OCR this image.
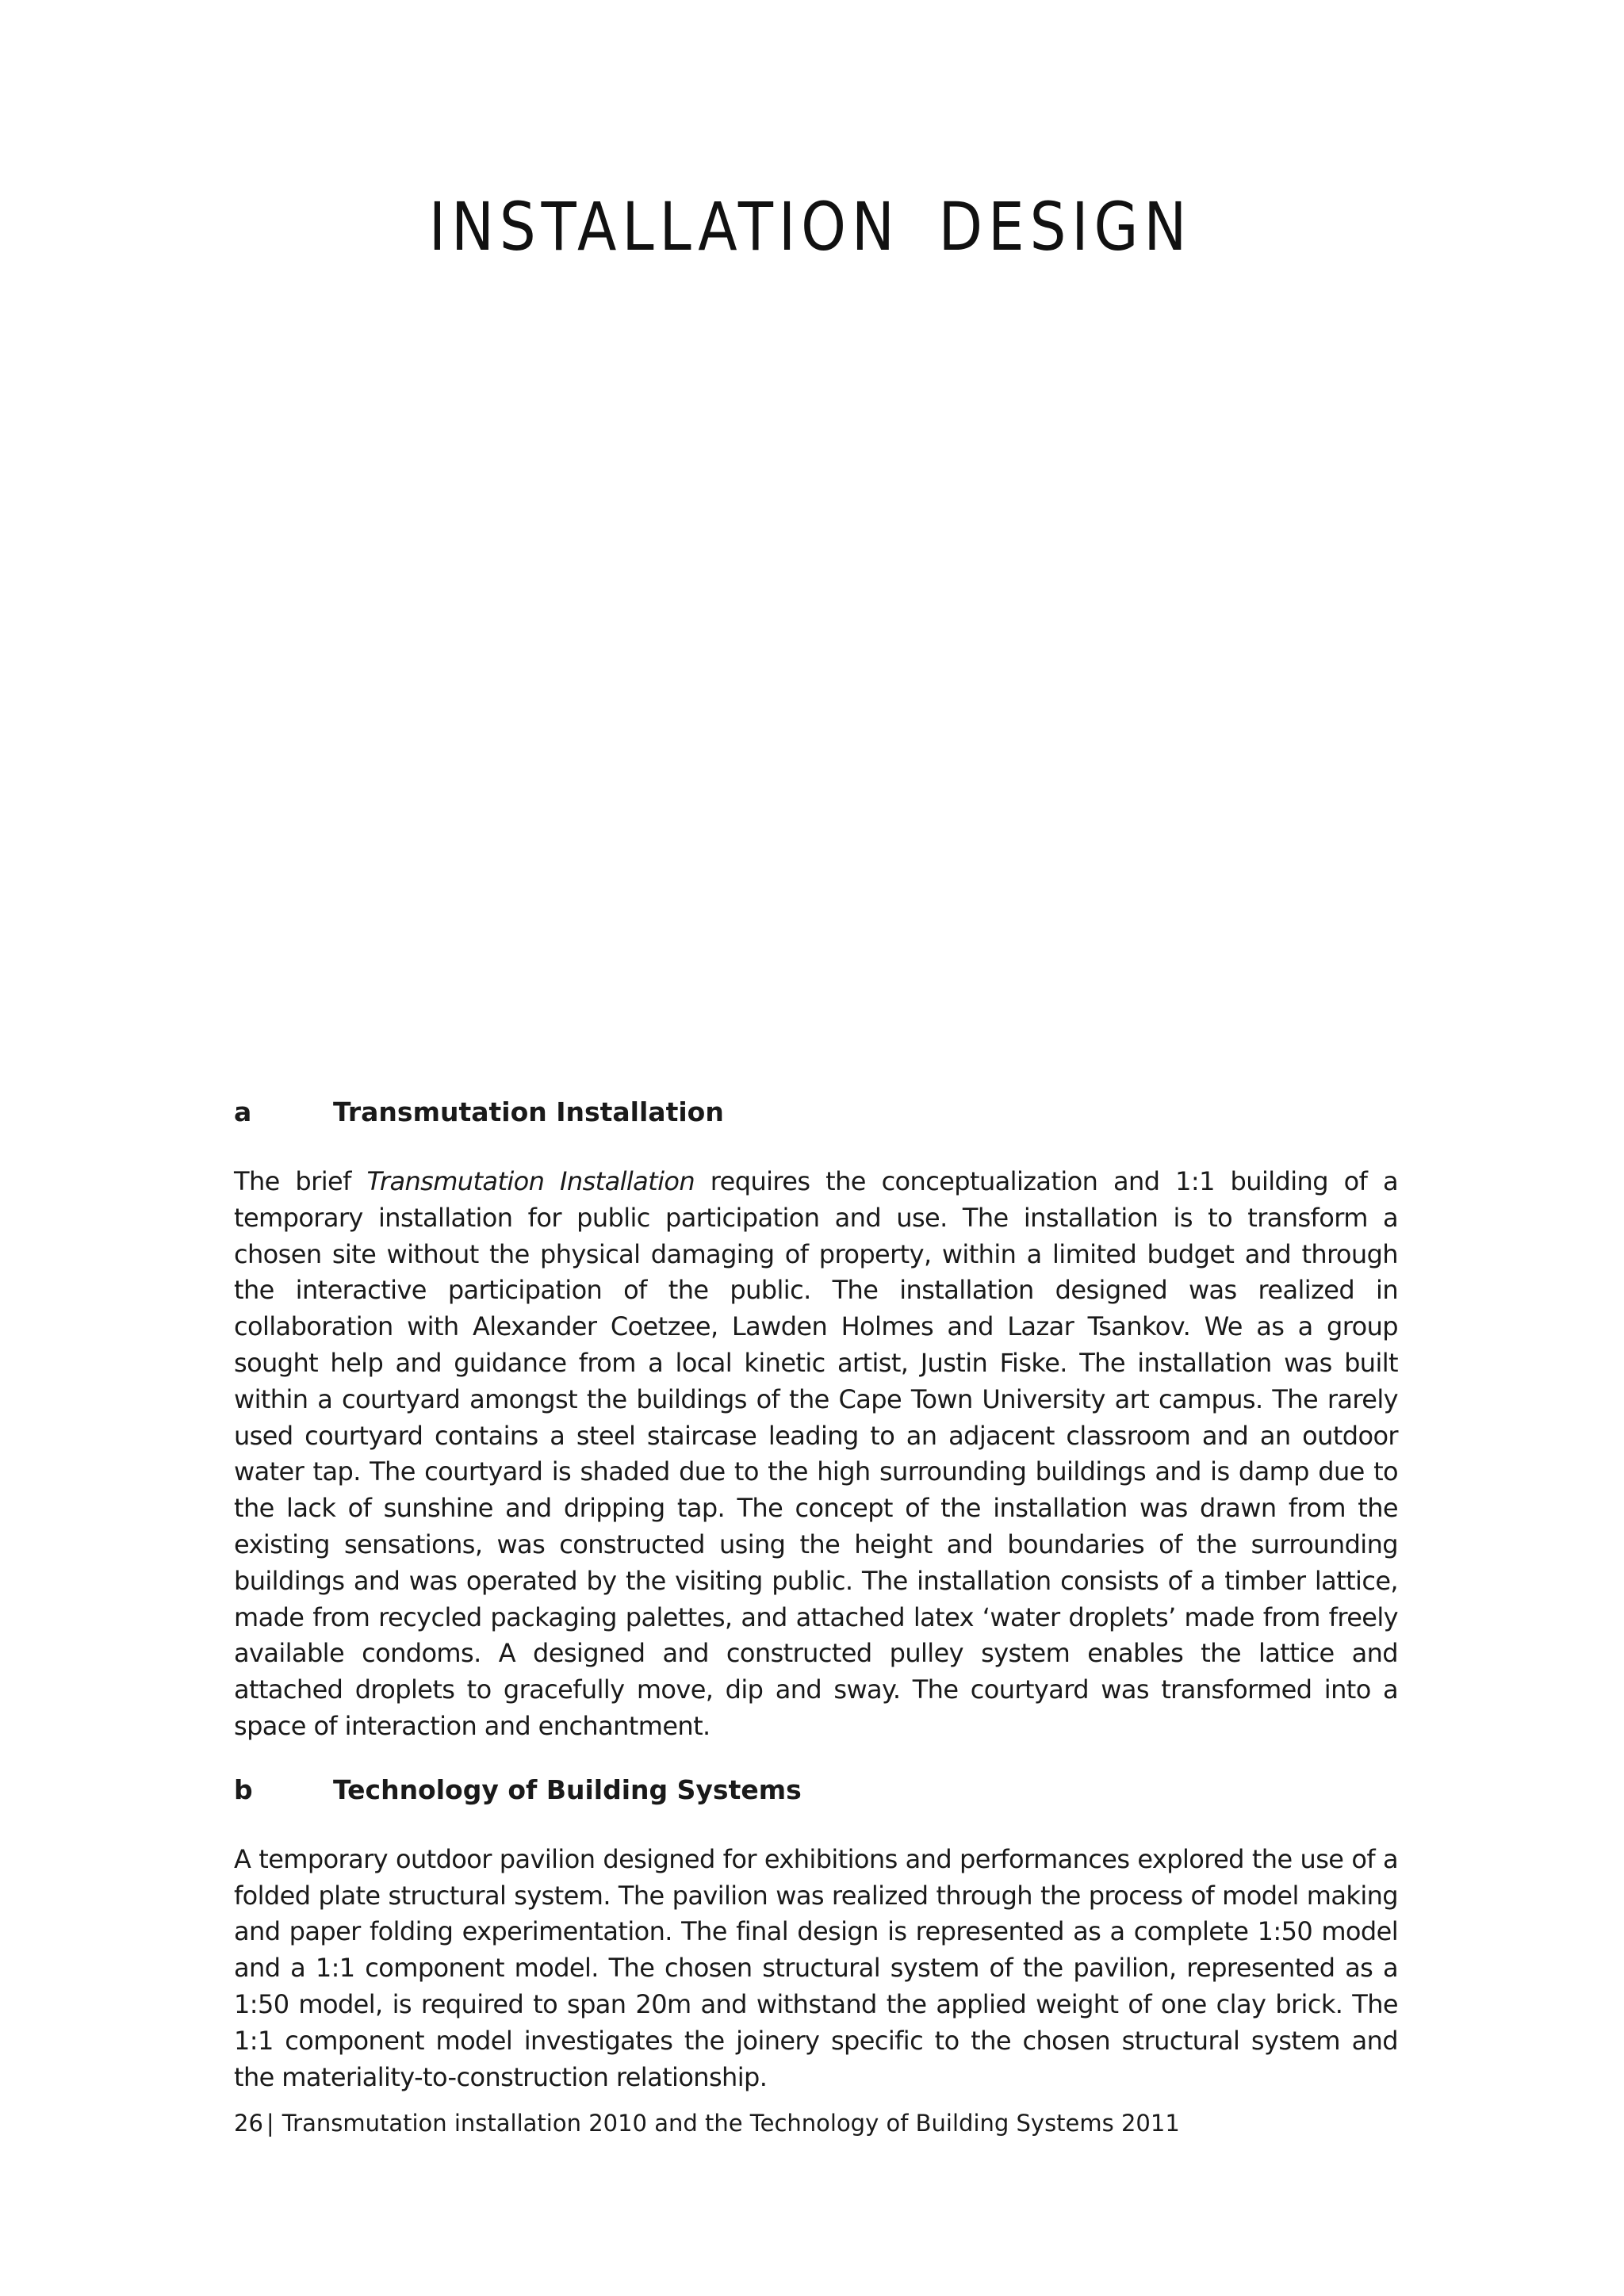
INSTALLATION DESIGN
a	Transmutation Installation

The brief Transmutation Installation requires the conceptualization and 1:1 building of a temporary installation for public participation and use. The installation is to transform a chosen site without the physical damaging of property, within a limited budget and through the interactive participation of the public. The installation designed was realized in collaboration with Alexander Coetzee, Lawden Holmes and Lazar Tsankov. We as a group sought help and guidance from a local kinetic artist, Justin Fiske. The installation was built within a courtyard amongst the buildings of the Cape Town University art campus. The rarely used courtyard contains a steel staircase leading to an adjacent classroom and an outdoor water tap. The courtyard is shaded due to the high surrounding buildings and is damp due to the lack of sunshine and dripping tap. The concept of the installation was drawn from the existing sensations, was constructed using the height and boundaries of the surrounding buildings and was operated by the visiting public. The installation consists of a timber lattice, made from recycled packaging palettes, and attached latex ‘water droplets’ made from freely available condoms. A designed and constructed pulley system enables the lattice and attached droplets to gracefully move, dip and sway. The courtyard was transformed into a space of interaction and enchantment.

b	Technology of Building Systems

A temporary outdoor pavilion designed for exhibitions and performances explored the use of a folded plate structural system. The pavilion was realized through the process of model making and paper folding experimentation. The final design is represented as a complete 1:50 model and a 1:1 component model. The chosen structural system of the pavilion, represented as a 1:50 model, is required to span 20m and withstand the applied weight of one clay brick. The 1:1 component model investigates the joinery specific to the chosen structural system and the materiality-to-construction relationship.

26 | Transmutation installation 2010 and the Technology of Building Systems 2011
